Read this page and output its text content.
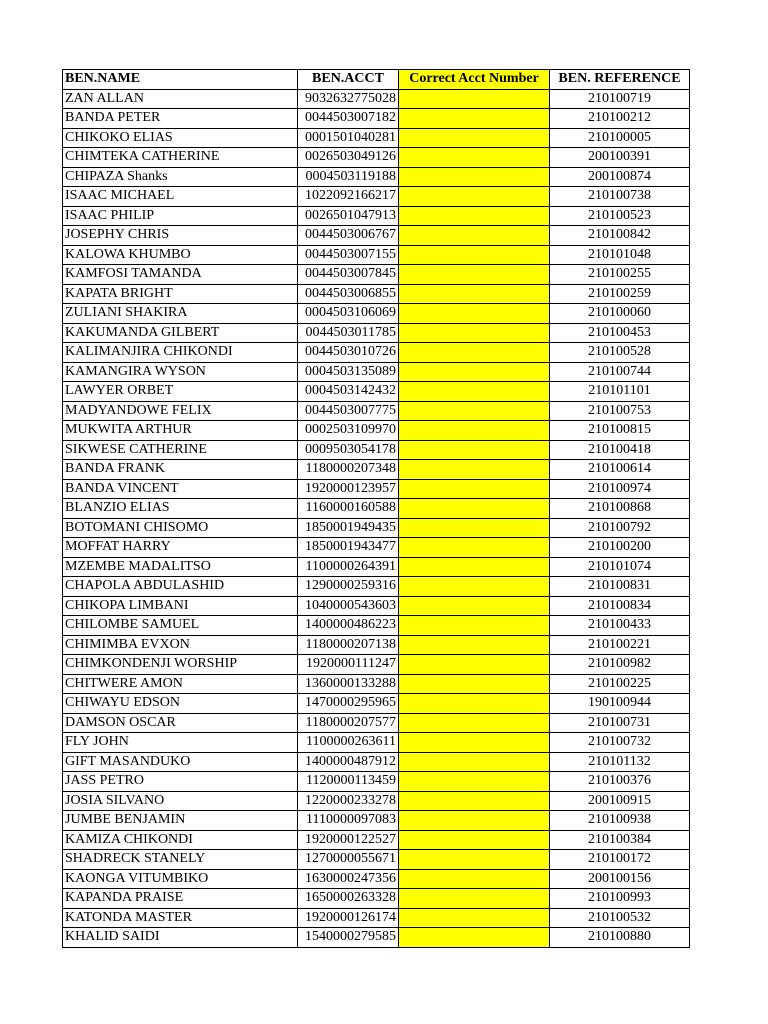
BEN.NAME	BEN.ACCT	Correct Acct Number	BEN. REFERENCE
ZAN ALLAN	9032632775028		210100719
BANDA PETER	0044503007182		210100212
CHIKOKO ELIAS	0001501040281		210100005
CHIMTEKA CATHERINE	0026503049126		200100391
CHIPAZA Shanks	0004503119188		200100874
ISAAC MICHAEL	1022092166217		210100738
ISAAC PHILIP	0026501047913		210100523
JOSEPHY CHRIS	0044503006767		210100842
KALOWA KHUMBO	0044503007155		210101048
KAMFOSI TAMANDA	0044503007845		210100255
KAPATA BRIGHT	0044503006855		210100259
ZULIANI SHAKIRA	0004503106069		210100060
KAKUMANDA GILBERT	0044503011785		210100453
KALIMANJIRA CHIKONDI	0044503010726		210100528
KAMANGIRA WYSON	0004503135089		210100744
LAWYER ORBET	0004503142432		210101101
MADYANDOWE FELIX	0044503007775		210100753
MUKWITA ARTHUR	0002503109970		210100815
SIKWESE CATHERINE	0009503054178		210100418
BANDA FRANK	1180000207348		210100614
BANDA VINCENT	1920000123957		210100974
BLANZIO ELIAS	1160000160588		210100868
BOTOMANI CHISOMO	1850001949435		210100792
MOFFAT HARRY	1850001943477		210100200
MZEMBE MADALITSO	1100000264391		210101074
CHAPOLA ABDULASHID	1290000259316		210100831
CHIKOPA LIMBANI	1040000543603		210100834
CHILOMBE SAMUEL	1400000486223		210100433
CHIMIMBA EVXON	1180000207138		210100221
CHIMKONDENJI WORSHIP	1920000111247		210100982
CHITWERE AMON	1360000133288		210100225
CHIWAYU EDSON	1470000295965		190100944
DAMSON OSCAR	1180000207577		210100731
FLY JOHN	1100000263611		210100732
GIFT MASANDUKO	1400000487912		210101132
JASS PETRO	1120000113459		210100376
JOSIA SILVANO	1220000233278		200100915
JUMBE BENJAMIN	1110000097083		210100938
KAMIZA CHIKONDI	1920000122527		210100384
SHADRECK STANELY	1270000055671		210100172
KAONGA VITUMBIKO	1630000247356		200100156
KAPANDA PRAISE	1650000263328		210100993
KATONDA MASTER	1920000126174		210100532
KHALID SAIDI	1540000279585		210100880
